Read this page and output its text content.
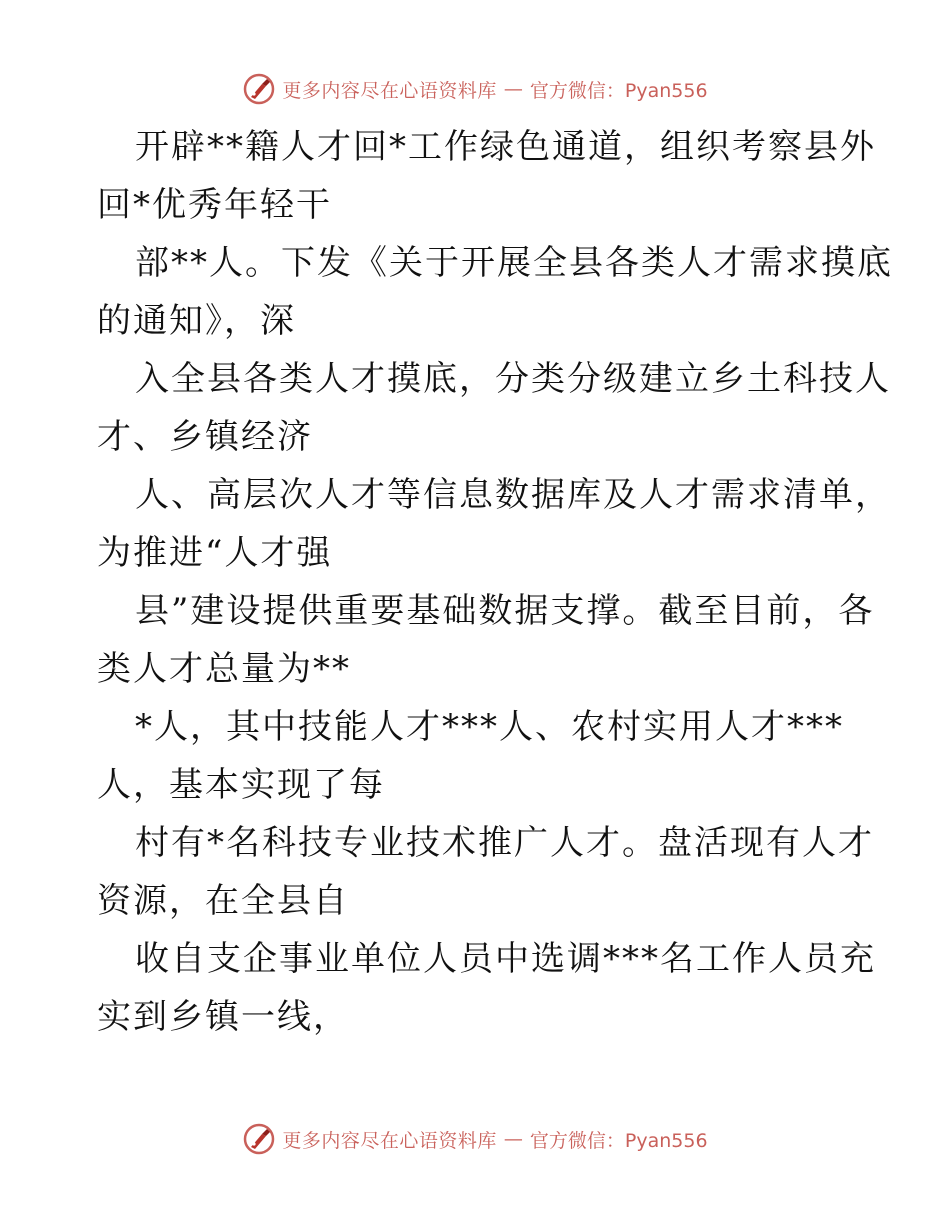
更多内容尽在心语资料库 — 官方微信：Pyan556
开辟**籍人才回*工作绿色通道，组织考察县外
回*优秀年轻干
部**人。下发《关于开展全县各类人才需求摸底
的通知》，深
入全县各类人才摸底，分类分级建立乡土科技人
才、乡镇经济
人、高层次人才等信息数据库及人才需求清单，
为推进“人才强
县”建设提供重要基础数据支撑。截至目前，各
类人才总量为**
*人，其中技能人才***人、农村实用人才***
人，基本实现了每
村有*名科技专业技术推广人才。盘活现有人才
资源，在全县自
收自支企事业单位人员中选调***名工作人员充
实到乡镇一线，
更多内容尽在心语资料库 — 官方微信：Pyan556
